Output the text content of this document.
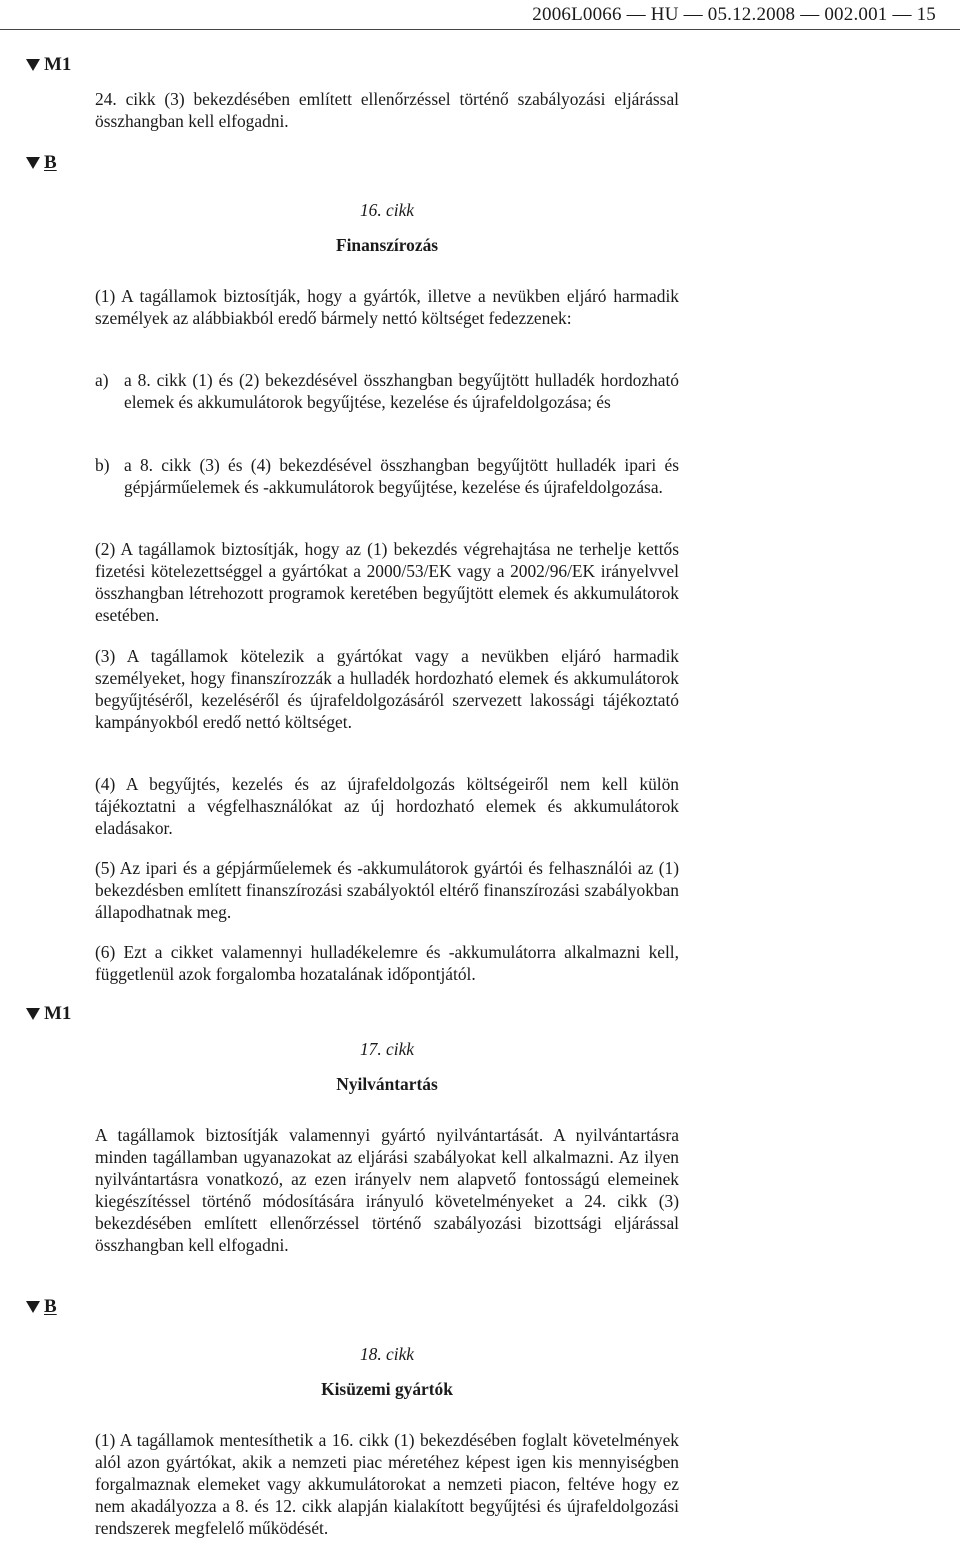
2006L0066 — HU — 05.12.2008 — 002.001 — 15
M1
B
M1
B

24. cikk (3) bekezdésében említett ellenőrzéssel történő szabályozási eljárással összhangban kell elfogadni.

16. cikk
Finanszírozás

(1) A tagállamok biztosítják, hogy a gyártók, illetve a nevükben eljáró harmadik személyek az alábbiakból eredő bármely nettó költséget fedezzenek:

a) a 8. cikk (1) és (2) bekezdésével összhangban begyűjtött hulladék hordozható elemek és akkumulátorok begyűjtése, kezelése és újrafeldolgozása; és
b) a 8. cikk (3) és (4) bekezdésével összhangban begyűjtött hulladék ipari és gépjárműelemek és -akkumulátorok begyűjtése, kezelése és újrafeldolgozása.

(2) A tagállamok biztosítják, hogy az (1) bekezdés végrehajtása ne terhelje kettős fizetési kötelezettséggel a gyártókat a 2000/53/EK vagy a 2002/96/EK irányelvvel összhangban létrehozott programok keretében begyűjtött elemek és akkumulátorok esetében.

(3) A tagállamok kötelezik a gyártókat vagy a nevükben eljáró harmadik személyeket, hogy finanszírozzák a hulladék hordozható elemek és akkumulátorok begyűjtéséről, kezeléséről és újrafeldolgozásáról szervezett lakossági tájékoztató kampányokból eredő nettó költséget.

(4) A begyűjtés, kezelés és az újrafeldolgozás költségeiről nem kell külön tájékoztatni a végfelhasználókat az új hordozható elemek és akkumulátorok eladásakor.

(5) Az ipari és a gépjárműelemek és -akkumulátorok gyártói és felhasználói az (1) bekezdésben említett finanszírozási szabályoktól eltérő finanszírozási szabályokban állapodhatnak meg.

(6) Ezt a cikket valamennyi hulladékelemre és -akkumulátorra alkalmazni kell, függetlenül azok forgalomba hozatalának időpontjától.

17. cikk
Nyilvántartás

A tagállamok biztosítják valamennyi gyártó nyilvántartását. A nyilvántartásra minden tagállamban ugyanazokat az eljárási szabályokat kell alkalmazni. Az ilyen nyilvántartásra vonatkozó, az ezen irányelv nem alapvető fontosságú elemeinek kiegészítéssel történő módosítására irányuló követelményeket a 24. cikk (3) bekezdésében említett ellenőrzéssel történő szabályozási bizottsági eljárással összhangban kell elfogadni.

18. cikk
Kisüzemi gyártók

(1) A tagállamok mentesíthetik a 16. cikk (1) bekezdésében foglalt követelmények alól azon gyártókat, akik a nemzeti piac méretéhez képest igen kis mennyiségben forgalmaznak elemeket vagy akkumulátorokat a nemzeti piacon, feltéve hogy ez nem akadályozza a 8. és 12. cikk alapján kialakított begyűjtési és újrafeldolgozási rendszerek megfelelő működését.
